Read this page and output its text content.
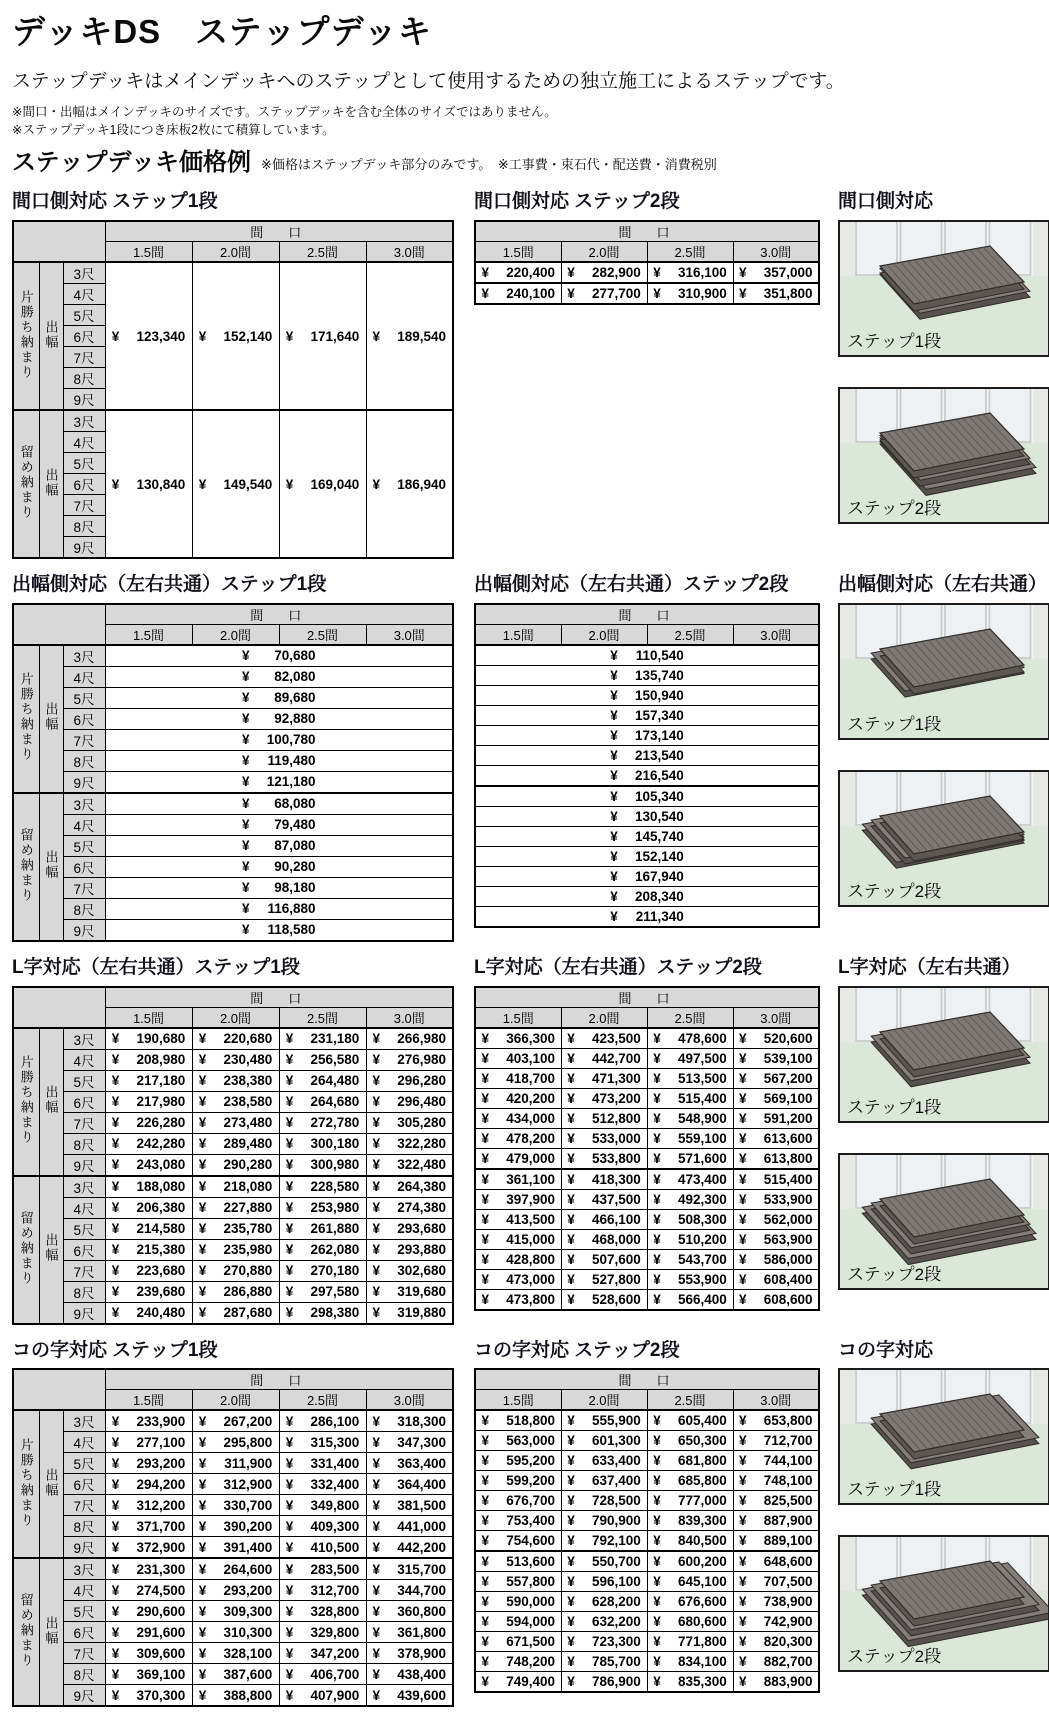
デッキDS　ステップデッキ

ステップデッキはメインデッキへのステップとして使用するための独立施工によるステップです。

※間口・出幅はメインデッキのサイズです。ステップデッキを含む全体のサイズではありません。
※ステップデッキ1段につき床板2枚にて積算しています。
ステップデッキ価格例 ※価格はステップデッキ部分のみです。　※工事費・束石代・配送費・消費税別
間口側対応 ステップ1段
			間　口			
			1.5間	2.0間	2.5間	3.0間
片勝ち納まり	出幅	3尺	¥ 123,340	¥ 152,140	¥ 171,640	¥ 189,540
		4尺				
		5尺				
		6尺				
		7尺				
		8尺				
		9尺				
留め納まり	出幅	3尺	¥ 130,840	¥ 149,540	¥ 169,040	¥ 186,940
		4尺				
		5尺				
		6尺				
		7尺				
		8尺				
		9尺				
間口側対応 ステップ2段
間　口			
1.5間	2.0間	2.5間	3.0間
¥ 220,400	¥ 282,900	¥ 316,100	¥ 357,000

¥ 240,100	¥ 277,700	¥ 310,900	¥ 351,800

間口側対応
ステップ1段
ステップ2段
出幅側対応（左右共通）ステップ1段
			間　口			
			1.5間	2.0間	2.5間	3.0間
片勝ち納まり	出幅	3尺	¥ 70,680			
		4尺	¥ 82,080			
		5尺	¥ 89,680			
		6尺	¥ 92,880			
		7尺	¥ 100,780			
		8尺	¥ 119,480			
		9尺	¥ 121,180			
留め納まり	出幅	3尺	¥ 68,080			
		4尺	¥ 79,480			
		5尺	¥ 87,080			
		6尺	¥ 90,280			
		7尺	¥ 98,180			
		8尺	¥ 116,880			
		9尺	¥ 118,580			
出幅側対応（左右共通）ステップ2段
間　口
1.5間	2.0間	2.5間	3.0間
¥ 110,540
¥ 135,740
¥ 150,940
¥ 157,340
¥ 173,140
¥ 213,540
¥ 216,540
¥ 105,340
¥ 130,540
¥ 145,740
¥ 152,140
¥ 167,940
¥ 208,340
¥ 211,340
出幅側対応（左右共通）
ステップ1段
ステップ2段
L字対応（左右共通）ステップ1段
			間　口			
			1.5間	2.0間	2.5間	3.0間
片勝ち納まり	出幅	3尺	¥ 190,680	¥ 220,680	¥ 231,180	¥ 266,980
		4尺	¥ 208,980	¥ 230,480	¥ 256,580	¥ 276,980
		5尺	¥ 217,180	¥ 238,380	¥ 264,480	¥ 296,280
		6尺	¥ 217,980	¥ 238,580	¥ 264,680	¥ 296,480
		7尺	¥ 226,280	¥ 273,480	¥ 272,780	¥ 305,280
		8尺	¥ 242,280	¥ 289,480	¥ 300,180	¥ 322,280
		9尺	¥ 243,080	¥ 290,280	¥ 300,980	¥ 322,480
留め納まり	出幅	3尺	¥ 188,080	¥ 218,080	¥ 228,580	¥ 264,380
		4尺	¥ 206,380	¥ 227,880	¥ 253,980	¥ 274,380
		5尺	¥ 214,580	¥ 235,780	¥ 261,880	¥ 293,680
		6尺	¥ 215,380	¥ 235,980	¥ 262,080	¥ 293,880
		7尺	¥ 223,680	¥ 270,880	¥ 270,180	¥ 302,680
		8尺	¥ 239,680	¥ 286,880	¥ 297,580	¥ 319,680
		9尺	¥ 240,480	¥ 287,680	¥ 298,380	¥ 319,880
L字対応（左右共通）ステップ2段
間　口			
1.5間	2.0間	2.5間	3.0間
¥ 366,300	¥ 423,500	¥ 478,600	¥ 520,600
¥ 403,100	¥ 442,700	¥ 497,500	¥ 539,100
¥ 418,700	¥ 471,300	¥ 513,500	¥ 567,200
¥ 420,200	¥ 473,200	¥ 515,400	¥ 569,100
¥ 434,000	¥ 512,800	¥ 548,900	¥ 591,200
¥ 478,200	¥ 533,000	¥ 559,100	¥ 613,600
¥ 479,000	¥ 533,800	¥ 571,600	¥ 613,800
¥ 361,100	¥ 418,300	¥ 473,400	¥ 515,400
¥ 397,900	¥ 437,500	¥ 492,300	¥ 533,900
¥ 413,500	¥ 466,100	¥ 508,300	¥ 562,000
¥ 415,000	¥ 468,000	¥ 510,200	¥ 563,900
¥ 428,800	¥ 507,600	¥ 543,700	¥ 586,000
¥ 473,000	¥ 527,800	¥ 553,900	¥ 608,400
¥ 473,800	¥ 528,600	¥ 566,400	¥ 608,600
L字対応（左右共通）
ステップ1段
ステップ2段
コの字対応 ステップ1段
			間　口			
			1.5間	2.0間	2.5間	3.0間
片勝ち納まり	出幅	3尺	¥ 233,900	¥ 267,200	¥ 286,100	¥ 318,300
		4尺	¥ 277,100	¥ 295,800	¥ 315,300	¥ 347,300
		5尺	¥ 293,200	¥ 311,900	¥ 331,400	¥ 363,400
		6尺	¥ 294,200	¥ 312,900	¥ 332,400	¥ 364,400
		7尺	¥ 312,200	¥ 330,700	¥ 349,800	¥ 381,500
		8尺	¥ 371,700	¥ 390,200	¥ 409,300	¥ 441,000
		9尺	¥ 372,900	¥ 391,400	¥ 410,500	¥ 442,200
留め納まり	出幅	3尺	¥ 231,300	¥ 264,600	¥ 283,500	¥ 315,700
		4尺	¥ 274,500	¥ 293,200	¥ 312,700	¥ 344,700
		5尺	¥ 290,600	¥ 309,300	¥ 328,800	¥ 360,800
		6尺	¥ 291,600	¥ 310,300	¥ 329,800	¥ 361,800
		7尺	¥ 309,600	¥ 328,100	¥ 347,200	¥ 378,900
		8尺	¥ 369,100	¥ 387,600	¥ 406,700	¥ 438,400
		9尺	¥ 370,300	¥ 388,800	¥ 407,900	¥ 439,600
コの字対応 ステップ2段
間　口			
1.5間	2.0間	2.5間	3.0間
¥ 518,800	¥ 555,900	¥ 605,400	¥ 653,800
¥ 563,000	¥ 601,300	¥ 650,300	¥ 712,700
¥ 595,200	¥ 633,400	¥ 681,800	¥ 744,100
¥ 599,200	¥ 637,400	¥ 685,800	¥ 748,100
¥ 676,700	¥ 728,500	¥ 777,000	¥ 825,500
¥ 753,400	¥ 790,900	¥ 839,300	¥ 887,900
¥ 754,600	¥ 792,100	¥ 840,500	¥ 889,100
¥ 513,600	¥ 550,700	¥ 600,200	¥ 648,600
¥ 557,800	¥ 596,100	¥ 645,100	¥ 707,500
¥ 590,000	¥ 628,200	¥ 676,600	¥ 738,900
¥ 594,000	¥ 632,200	¥ 680,600	¥ 742,900
¥ 671,500	¥ 723,300	¥ 771,800	¥ 820,300
¥ 748,200	¥ 785,700	¥ 834,100	¥ 882,700
¥ 749,400	¥ 786,900	¥ 835,300	¥ 883,900
コの字対応
ステップ1段
ステップ2段
